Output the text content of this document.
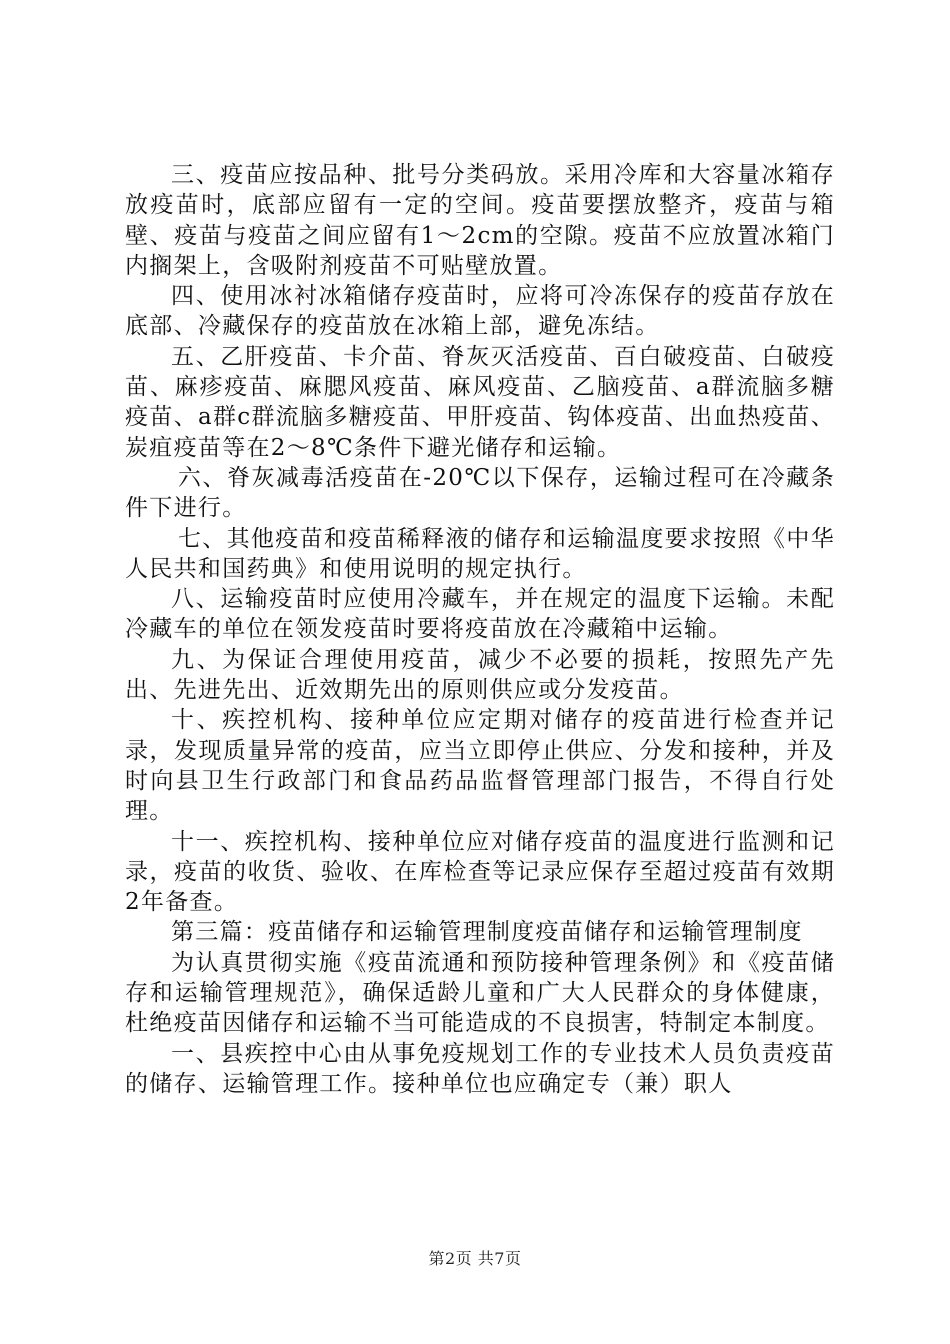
三、疫苗应按品种、批号分类码放。采用冷库和大容量冰箱存放疫苗时，底部应留有一定的空间。疫苗要摆放整齐，疫苗与箱壁、疫苗与疫苗之间应留有1～2cm的空隙。疫苗不应放置冰箱门内搁架上，含吸附剂疫苗不可贴壁放置。

四、使用冰衬冰箱储存疫苗时，应将可冷冻保存的疫苗存放在底部、冷藏保存的疫苗放在冰箱上部，避免冻结。

五、乙肝疫苗、卡介苗、脊灰灭活疫苗、百白破疫苗、白破疫苗、麻疹疫苗、麻腮风疫苗、麻风疫苗、乙脑疫苗、a群流脑多糖疫苗、a群c群流脑多糖疫苗、甲肝疫苗、钩体疫苗、出血热疫苗、炭疽疫苗等在2～8℃条件下避光储存和运输。

六、脊灰减毒活疫苗在-20℃以下保存，运输过程可在冷藏条件下进行。

七、其他疫苗和疫苗稀释液的储存和运输温度要求按照《中华人民共和国药典》和使用说明的规定执行。

八、运输疫苗时应使用冷藏车，并在规定的温度下运输。未配冷藏车的单位在领发疫苗时要将疫苗放在冷藏箱中运输。

九、为保证合理使用疫苗，减少不必要的损耗，按照先产先出、先进先出、近效期先出的原则供应或分发疫苗。

十、疾控机构、接种单位应定期对储存的疫苗进行检查并记录，发现质量异常的疫苗，应当立即停止供应、分发和接种，并及时向县卫生行政部门和食品药品监督管理部门报告，不得自行处理。

十一、疾控机构、接种单位应对储存疫苗的温度进行监测和记录，疫苗的收货、验收、在库检查等记录应保存至超过疫苗有效期2年备查。

第三篇：疫苗储存和运输管理制度疫苗储存和运输管理制度

为认真贯彻实施《疫苗流通和预防接种管理条例》和《疫苗储存和运输管理规范》，确保适龄儿童和广大人民群众的身体健康，杜绝疫苗因储存和运输不当可能造成的不良损害，特制定本制度。

一、县疾控中心由从事免疫规划工作的专业技术人员负责疫苗的储存、运输管理工作。接种单位也应确定专（兼）职人

第2页 共7页
